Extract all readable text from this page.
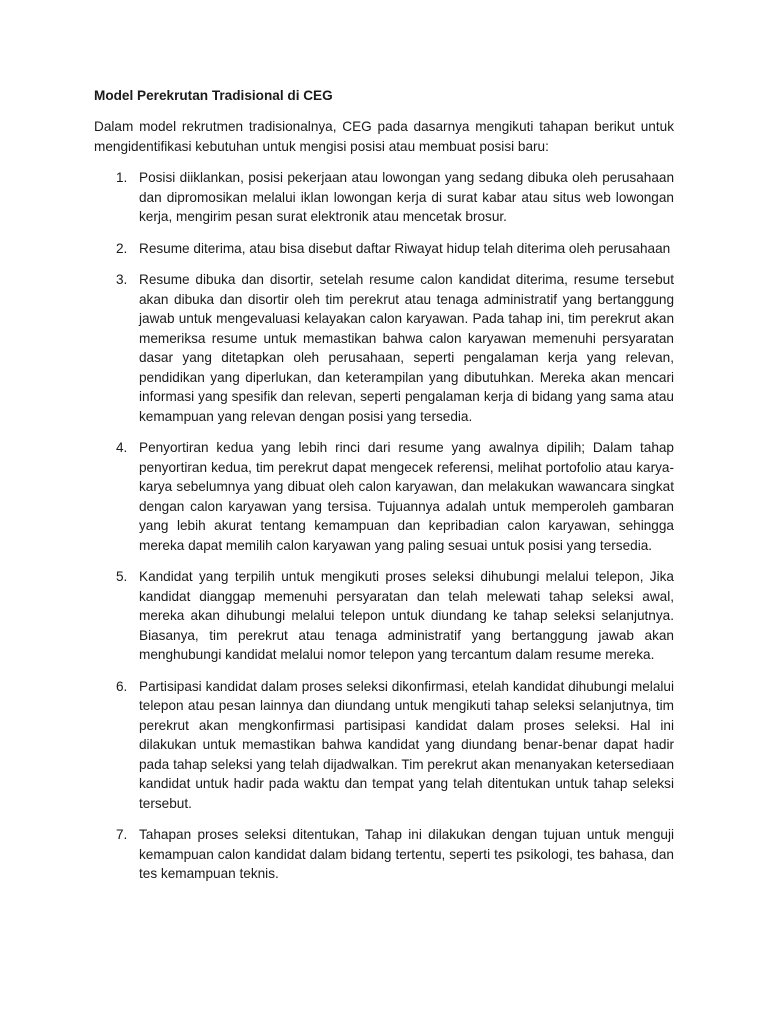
Model Perekrutan Tradisional di CEG
Dalam model rekrutmen tradisionalnya, CEG pada dasarnya mengikuti tahapan berikut untuk mengidentifikasi kebutuhan untuk mengisi posisi atau membuat posisi baru:
1. Posisi diiklankan, posisi pekerjaan atau lowongan yang sedang dibuka oleh perusahaan dan dipromosikan melalui iklan lowongan kerja di surat kabar atau situs web lowongan kerja, mengirim pesan surat elektronik atau mencetak brosur.
2. Resume diterima, atau bisa disebut daftar Riwayat hidup telah diterima oleh perusahaan
3. Resume dibuka dan disortir, setelah resume calon kandidat diterima, resume tersebut akan dibuka dan disortir oleh tim perekrut atau tenaga administratif yang bertanggung jawab untuk mengevaluasi kelayakan calon karyawan. Pada tahap ini, tim perekrut akan memeriksa resume untuk memastikan bahwa calon karyawan memenuhi persyaratan dasar yang ditetapkan oleh perusahaan, seperti pengalaman kerja yang relevan, pendidikan yang diperlukan, dan keterampilan yang dibutuhkan. Mereka akan mencari informasi yang spesifik dan relevan, seperti pengalaman kerja di bidang yang sama atau kemampuan yang relevan dengan posisi yang tersedia.
4. Penyortiran kedua yang lebih rinci dari resume yang awalnya dipilih; Dalam tahap penyortiran kedua, tim perekrut dapat mengecek referensi, melihat portofolio atau karya-karya sebelumnya yang dibuat oleh calon karyawan, dan melakukan wawancara singkat dengan calon karyawan yang tersisa. Tujuannya adalah untuk memperoleh gambaran yang lebih akurat tentang kemampuan dan kepribadian calon karyawan, sehingga mereka dapat memilih calon karyawan yang paling sesuai untuk posisi yang tersedia.
5. Kandidat yang terpilih untuk mengikuti proses seleksi dihubungi melalui telepon, Jika kandidat dianggap memenuhi persyaratan dan telah melewati tahap seleksi awal, mereka akan dihubungi melalui telepon untuk diundang ke tahap seleksi selanjutnya. Biasanya, tim perekrut atau tenaga administratif yang bertanggung jawab akan menghubungi kandidat melalui nomor telepon yang tercantum dalam resume mereka.
6. Partisipasi kandidat dalam proses seleksi dikonfirmasi, etelah kandidat dihubungi melalui telepon atau pesan lainnya dan diundang untuk mengikuti tahap seleksi selanjutnya, tim perekrut akan mengkonfirmasi partisipasi kandidat dalam proses seleksi. Hal ini dilakukan untuk memastikan bahwa kandidat yang diundang benar-benar dapat hadir pada tahap seleksi yang telah dijadwalkan. Tim perekrut akan menanyakan ketersediaan kandidat untuk hadir pada waktu dan tempat yang telah ditentukan untuk tahap seleksi tersebut.
7. Tahapan proses seleksi ditentukan, Tahap ini dilakukan dengan tujuan untuk menguji kemampuan calon kandidat dalam bidang tertentu, seperti tes psikologi, tes bahasa, dan tes kemampuan teknis.
